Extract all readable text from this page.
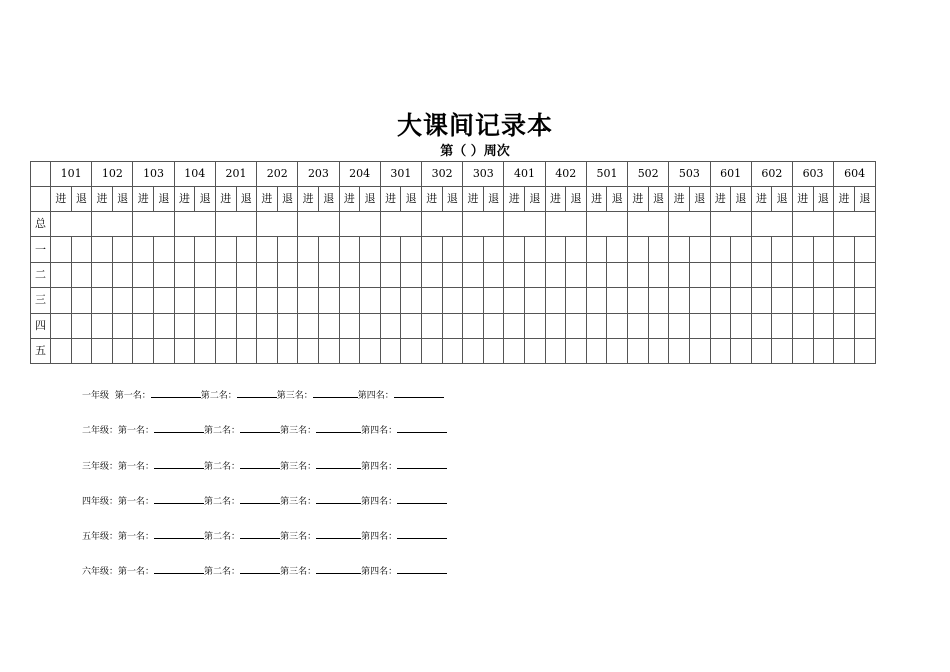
大课间记录本
第（ ）周次
	101		102		103		104		201		202		203		204		301		302		303		401		402		501		502		503		601		602		603		604	
	进	退	进	退	进	退	进	退	进	退	进	退	进	退	进	退	进	退	进	退	进	退	进	退	进	退	进	退	进	退	进	退	进	退	进	退	进	退	进	退
总																																								
一																																								
二																																								
三																																								
四																																								
五																																								
一年级 第一名：	第二名：	第三名：	第四名：
二年级：第一名：	第二名：	第三名：	第四名：
三年级：第一名：	第二名：	第三名：	第四名：
四年级：第一名：	第二名：	第三名：	第四名：
五年级：第一名：	第二名：	第三名：	第四名：
六年级：第一名：	第二名：	第三名：	第四名：
